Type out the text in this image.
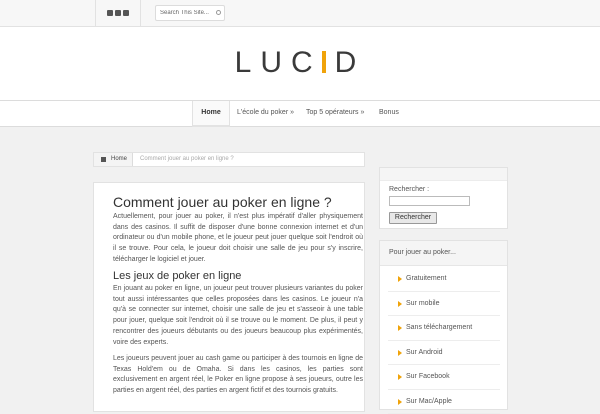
Search This Site...
LUC D
Home	L'école du poker » Top 5 opérateurs » Bonus
Home Comment jouer au poker en ligne ?
Comment jouer au poker en ligne ?

Actuellement, pour jouer au poker, il n'est plus impératif d'aller physiquement dans des casinos. Il suffit de disposer d'une bonne connexion internet et d'un ordinateur ou d'un mobile phone, et le joueur peut jouer quelque soit l'endroit où il se trouve. Pour cela, le joueur doit choisir une salle de jeu pour s'y inscrire, télécharger le logiciel et jouer.

Les jeux de poker en ligne

En jouant au poker en ligne, un joueur peut trouver plusieurs variantes du poker tout aussi intéressantes que celles proposées dans les casinos. Le joueur n'a qu'à se connecter sur internet, choisir une salle de jeu et s'asseoir à une table pour jouer, quelque soit l'endroit où il se trouve ou le moment. De plus, il peut y rencontrer des joueurs débutants ou des joueurs beaucoup plus expérimentés, voire des experts.

Les joueurs peuvent jouer au cash game ou participer à des tournois en ligne de Texas Hold'em ou de Omaha. Si dans les casinos, les parties sont exclusivement en argent réel, le Poker en ligne propose à ses joueurs, outre les parties en argent réel, des parties en argent fictif et des tournois gratuits.

Rechercher :
Rechercher
Pour jouer au poker...
Gratuitement
Sur mobile
Sans téléchargement
Sur Android
Sur Facebook
Sur Mac/Apple
